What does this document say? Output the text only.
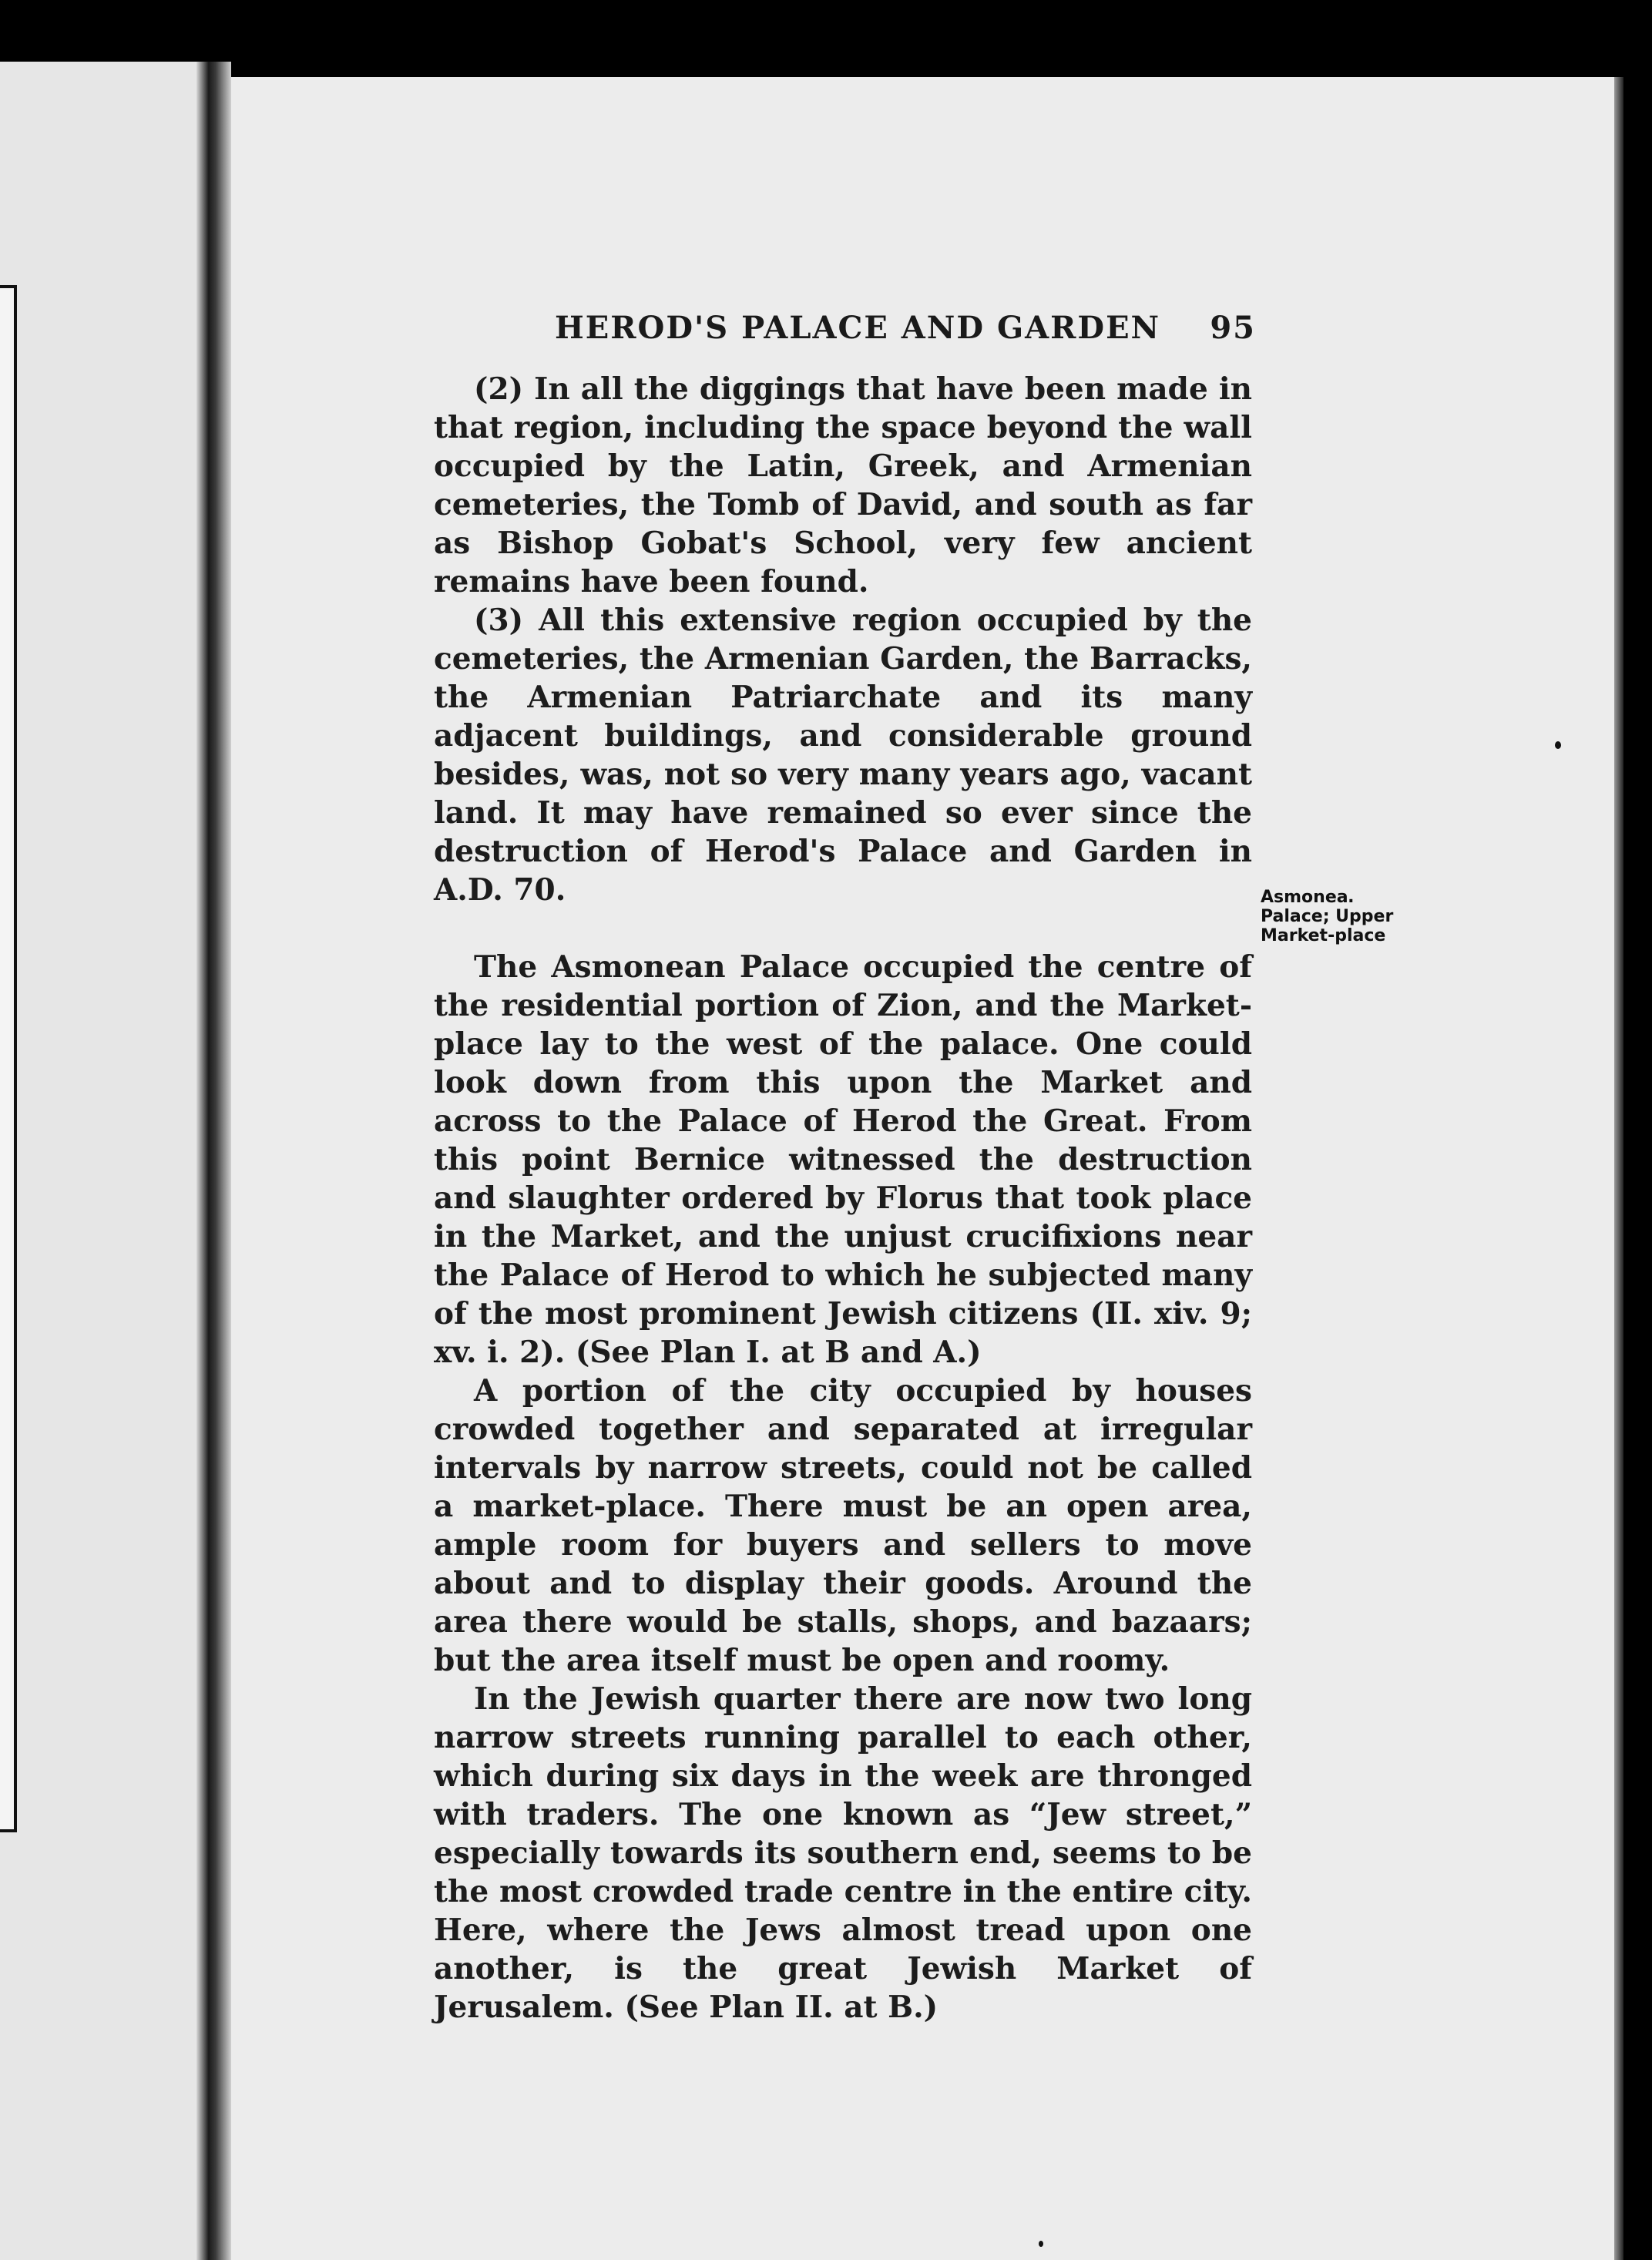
HEROD'S PALACE AND GARDEN 95

(2) In all the diggings that have been made in that region, including the space beyond the wall occupied by the Latin, Greek, and Armenian cemeteries, the Tomb of David, and south as far as Bishop Gobat's School, very few ancient remains have been found.

(3) All this extensive region occupied by the cemeteries, the Armenian Garden, the Barracks, the Armenian Patriarchate and its many adjacent buildings, and considerable ground besides, was, not so very many years ago, vacant land. It may have remained so ever since the destruction of Herod's Palace and Garden in A.D. 70.

The Asmonean Palace occupied the centre of the residential portion of Zion, and the Market-place lay to the west of the palace. One could look down from this upon the Market and across to the Palace of Herod the Great. From this point Bernice witnessed the destruction and slaughter ordered by Florus that took place in the Market, and the unjust crucifixions near the Palace of Herod to which he subjected many of the most prominent Jewish citizens (II. xiv. 9; xv. i. 2). (See Plan I. at B and A.)

A portion of the city occupied by houses crowded together and separated at irregular intervals by narrow streets, could not be called a market-place. There must be an open area, ample room for buyers and sellers to move about and to display their goods. Around the area there would be stalls, shops, and bazaars; but the area itself must be open and roomy.

In the Jewish quarter there are now two long narrow streets running parallel to each other, which during six days in the week are thronged with traders. The one known as “Jew street,” especially towards its southern end, seems to be the most crowded trade centre in the entire city. Here, where the Jews almost tread upon one another, is the great Jewish Market of Jerusalem. (See Plan II. at B.)

Asmonea․
Palace; Upper
Market-place
